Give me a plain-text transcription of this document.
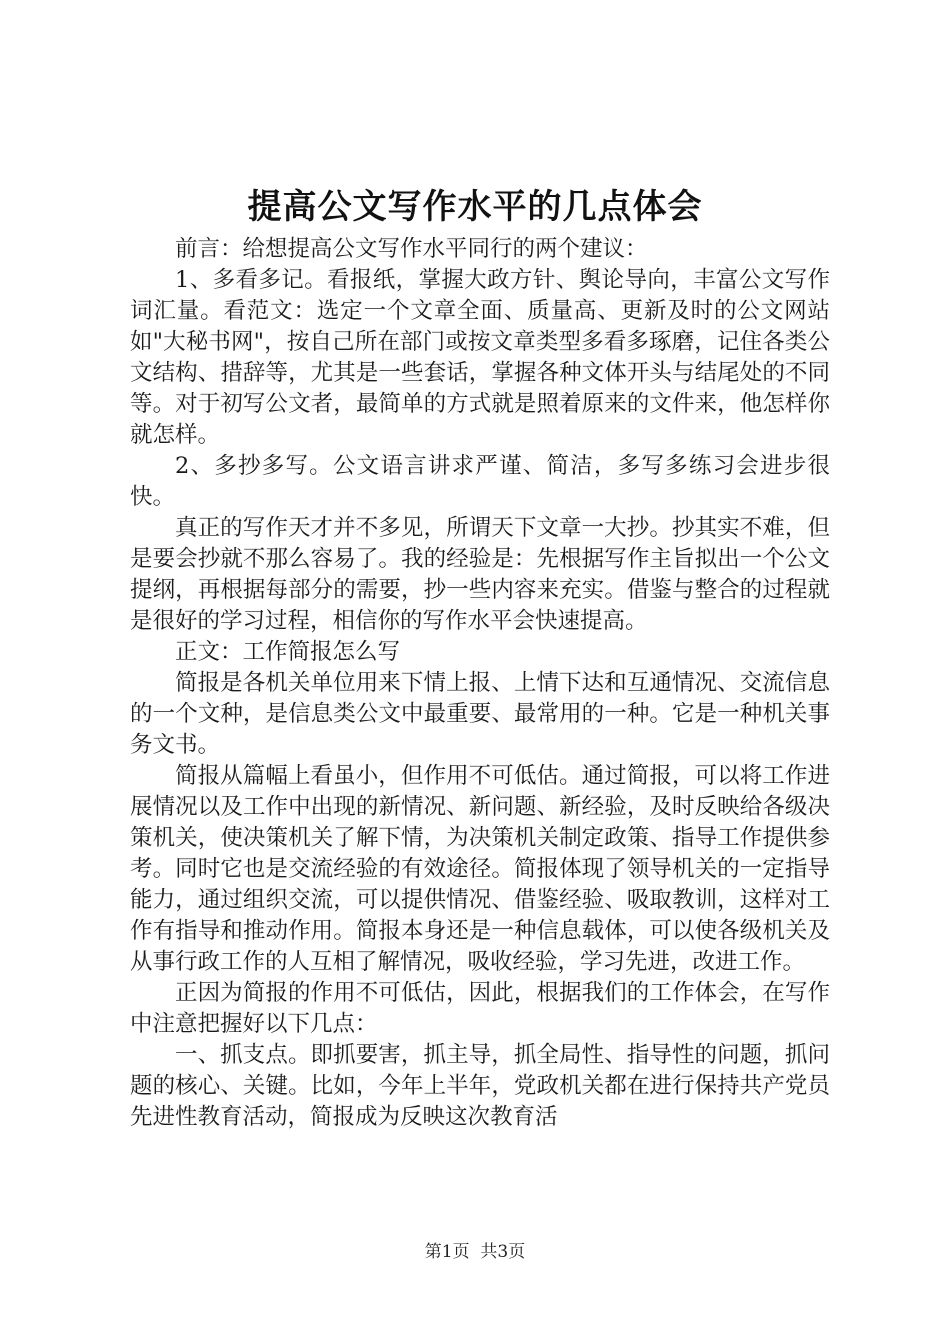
提高公文写作水平的几点体会

前言：给想提高公文写作水平同行的两个建议：

1、多看多记。看报纸，掌握大政方针、舆论导向，丰富公文写作词汇量。看范文：选定一个文章全面、质量高、更新及时的公文网站如"大秘书网"，按自己所在部门或按文章类型多看多琢磨，记住各类公文结构、措辞等，尤其是一些套话，掌握各种文体开头与结尾处的不同等。对于初写公文者，最简单的方式就是照着原来的文件来，他怎样你就怎样。

2、多抄多写。公文语言讲求严谨、简洁，多写多练习会进步很快。

真正的写作天才并不多见，所谓天下文章一大抄。抄其实不难，但是要会抄就不那么容易了。我的经验是：先根据写作主旨拟出一个公文提纲，再根据每部分的需要，抄一些内容来充实。借鉴与整合的过程就是很好的学习过程，相信你的写作水平会快速提高。

正文：工作简报怎么写

简报是各机关单位用来下情上报、上情下达和互通情况、交流信息的一个文种，是信息类公文中最重要、最常用的一种。它是一种机关事务文书。

简报从篇幅上看虽小，但作用不可低估。通过简报，可以将工作进展情况以及工作中出现的新情况、新问题、新经验，及时反映给各级决策机关，使决策机关了解下情，为决策机关制定政策、指导工作提供参考。同时它也是交流经验的有效途径。简报体现了领导机关的一定指导能力，通过组织交流，可以提供情况、借鉴经验、吸取教训，这样对工作有指导和推动作用。简报本身还是一种信息载体，可以使各级机关及从事行政工作的人互相了解情况，吸收经验，学习先进，改进工作。

正因为简报的作用不可低估，因此，根据我们的工作体会，在写作中注意把握好以下几点：

一、抓支点。即抓要害，抓主导，抓全局性、指导性的问题，抓问题的核心、关键。比如，今年上半年，党政机关都在进行保持共产党员先进性教育活动，简报成为反映这次教育活

第1页 共3页
